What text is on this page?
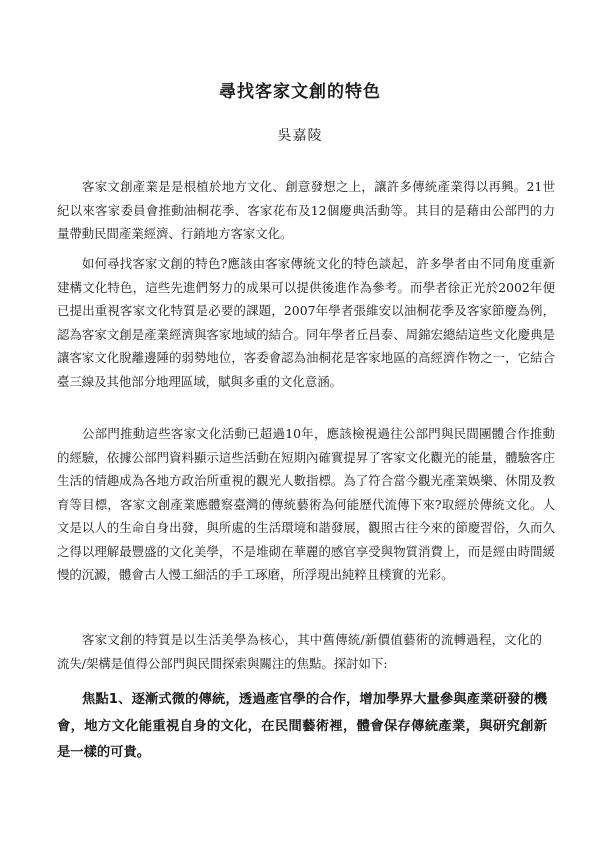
尋找客家文創的特色
吳嘉陵

客家文創產業是是根植於地方文化、創意發想之上，讓許多傳統產業得以再興。21世紀以來客家委員會推動油桐花季、客家花布及12個慶典活動等。其目的是藉由公部門的力量帶動民間產業經濟、行銷地方客家文化。

如何尋找客家文創的特色?應該由客家傳統文化的特色談起，許多學者由不同角度重新建構文化特色，這些先進們努力的成果可以提供後進作為參考。而學者徐正光於2002年便已提出重視客家文化特質是必要的課題，2007年學者張維安以油桐花季及客家節慶為例，認為客家文創是產業經濟與客家地域的結合。同年學者丘昌泰、周錦宏總結這些文化慶典是讓客家文化脫離邊陲的弱勢地位，客委會認為油桐花是客家地區的高經濟作物之一，它結合臺三線及其他部分地理區域，賦與多重的文化意涵。

公部門推動這些客家文化活動已超過10年，應該檢視過往公部門與民間團體合作推動的經驗，依據公部門資料顯示這些活動在短期內確實提昇了客家文化觀光的能量，體驗客庄生活的情趣成為各地方政治所重視的觀光人數指標。為了符合當今觀光產業娛樂、休閒及教育等目標，客家文創產業應體察臺灣的傳統藝術為何能歷代流傳下來?取經於傳統文化。人文是以人的生命自身出發，與所處的生活環境和諧發展，觀照古往今來的節慶習俗，久而久之得以理解最豐盛的文化美學，不是堆砌在華麗的感官享受與物質消費上，而是經由時間緩慢的沉澱，體會古人慢工細活的手工琢磨，所浮現出純粹且樸實的光彩。

客家文創的特質是以生活美學為核心，其中舊傳統/新價值藝術的流轉過程，文化的流失/架構是值得公部門與民間探索與關注的焦點。探討如下:

焦點1、逐漸式微的傳統，透過產官學的合作，增加學界大量參與產業研發的機會，地方文化能重視自身的文化，在民間藝術裡，體會保存傳統產業，與研究創新是一樣的可貴。
